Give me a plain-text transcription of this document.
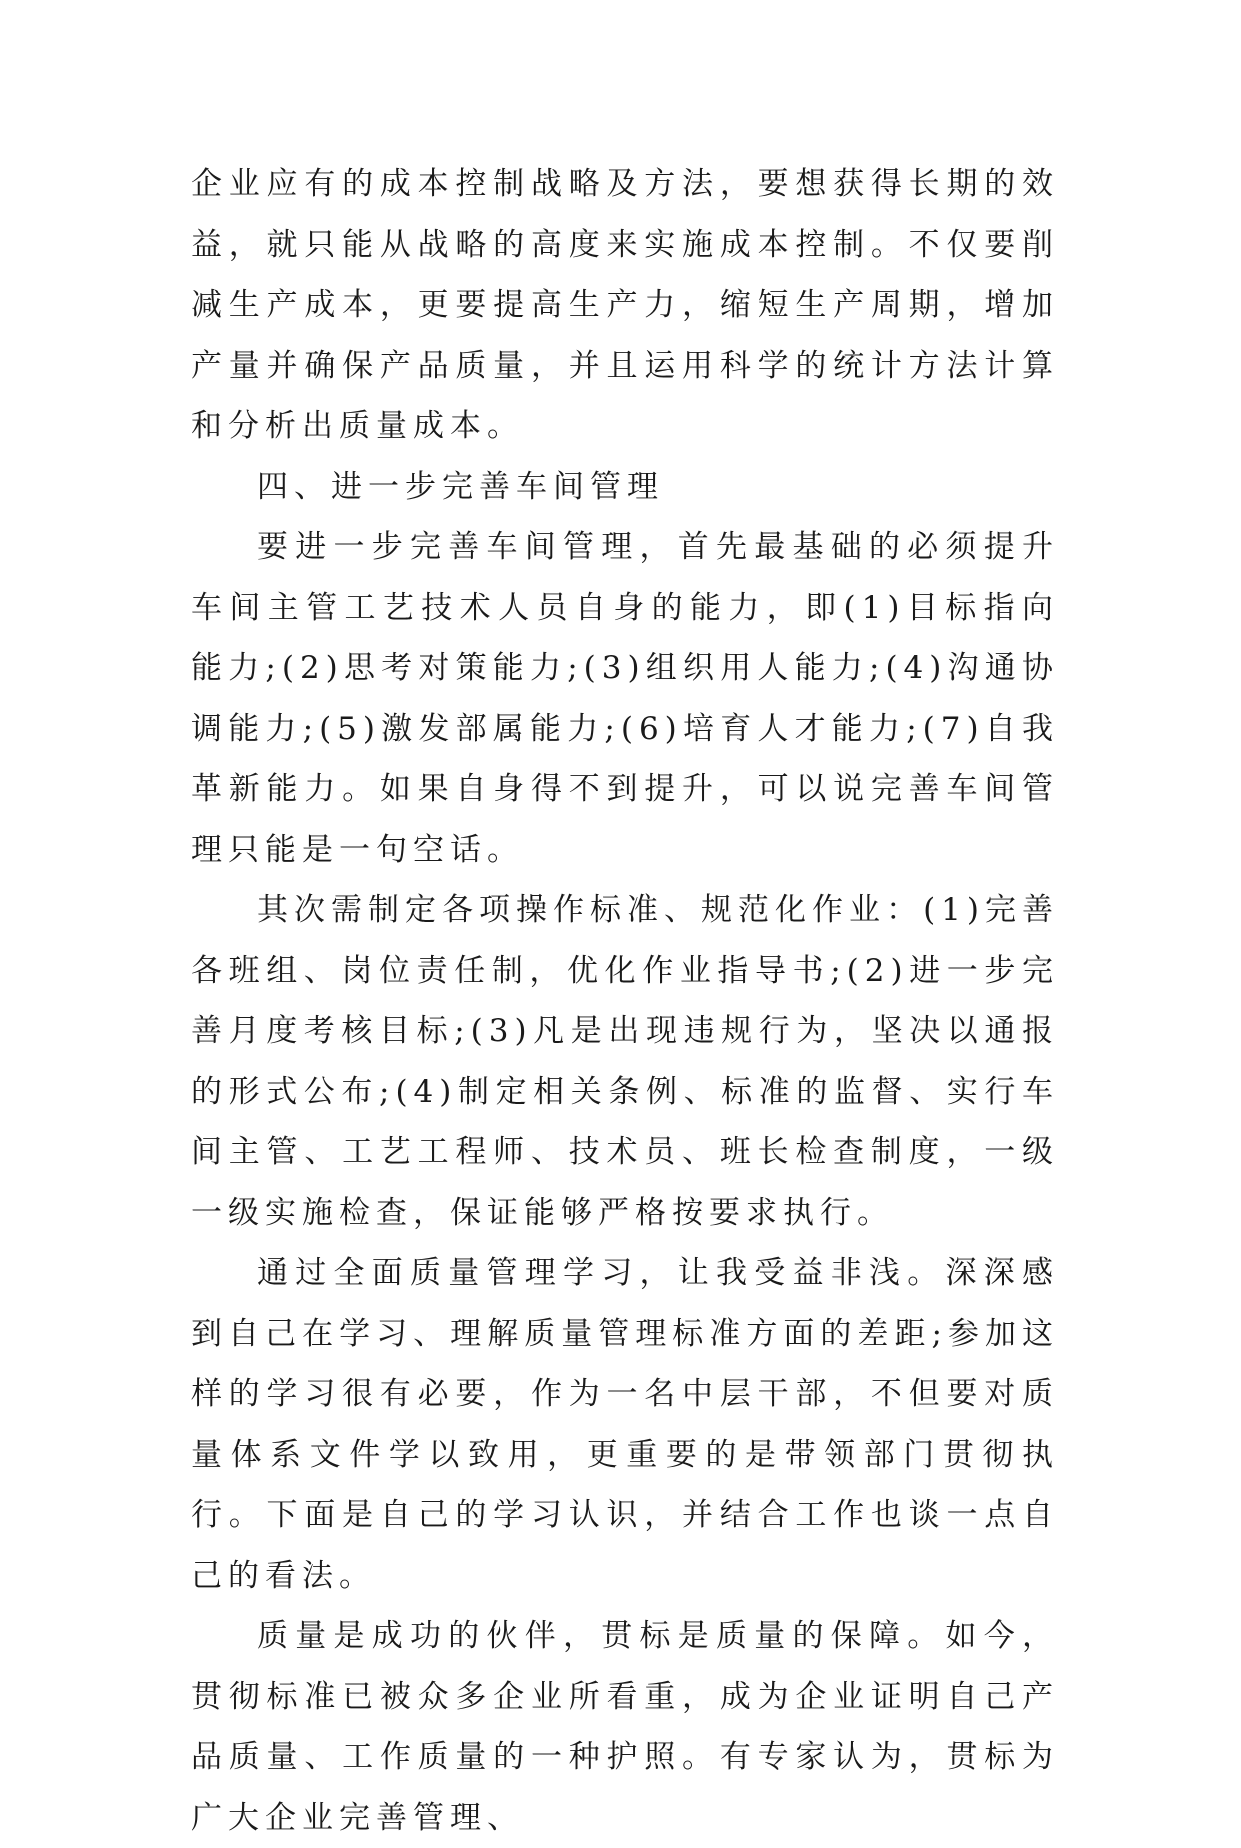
企业应有的成本控制战略及方法，要想获得长期的效益，就只能从战略的高度来实施成本控制。不仅要削减生产成本，更要提高生产力，缩短生产周期，增加产量并确保产品质量，并且运用科学的统计方法计算和分析出质量成本。

四、进一步完善车间管理

要进一步完善车间管理，首先最基础的必须提升车间主管工艺技术人员自身的能力，即(1)目标指向能力;(2)思考对策能力;(3)组织用人能力;(4)沟通协调能力;(5)激发部属能力;(6)培育人才能力;(7)自我革新能力。如果自身得不到提升，可以说完善车间管理只能是一句空话。

其次需制定各项操作标准、规范化作业：(1)完善各班组、岗位责任制，优化作业指导书;(2)进一步完善月度考核目标;(3)凡是出现违规行为，坚决以通报的形式公布;(4)制定相关条例、标准的监督、实行车间主管、工艺工程师、技术员、班长检查制度，一级一级实施检查，保证能够严格按要求执行。

通过全面质量管理学习，让我受益非浅。深深感到自己在学习、理解质量管理标准方面的差距;参加这样的学习很有必要，作为一名中层干部，不但要对质量体系文件学以致用，更重要的是带领部门贯彻执行。下面是自己的学习认识，并结合工作也谈一点自己的看法。

质量是成功的伙伴，贯标是质量的保障。如今，贯彻标准已被众多企业所看重，成为企业证明自己产品质量、工作质量的一种护照。有专家认为，贯标为广大企业完善管理、
